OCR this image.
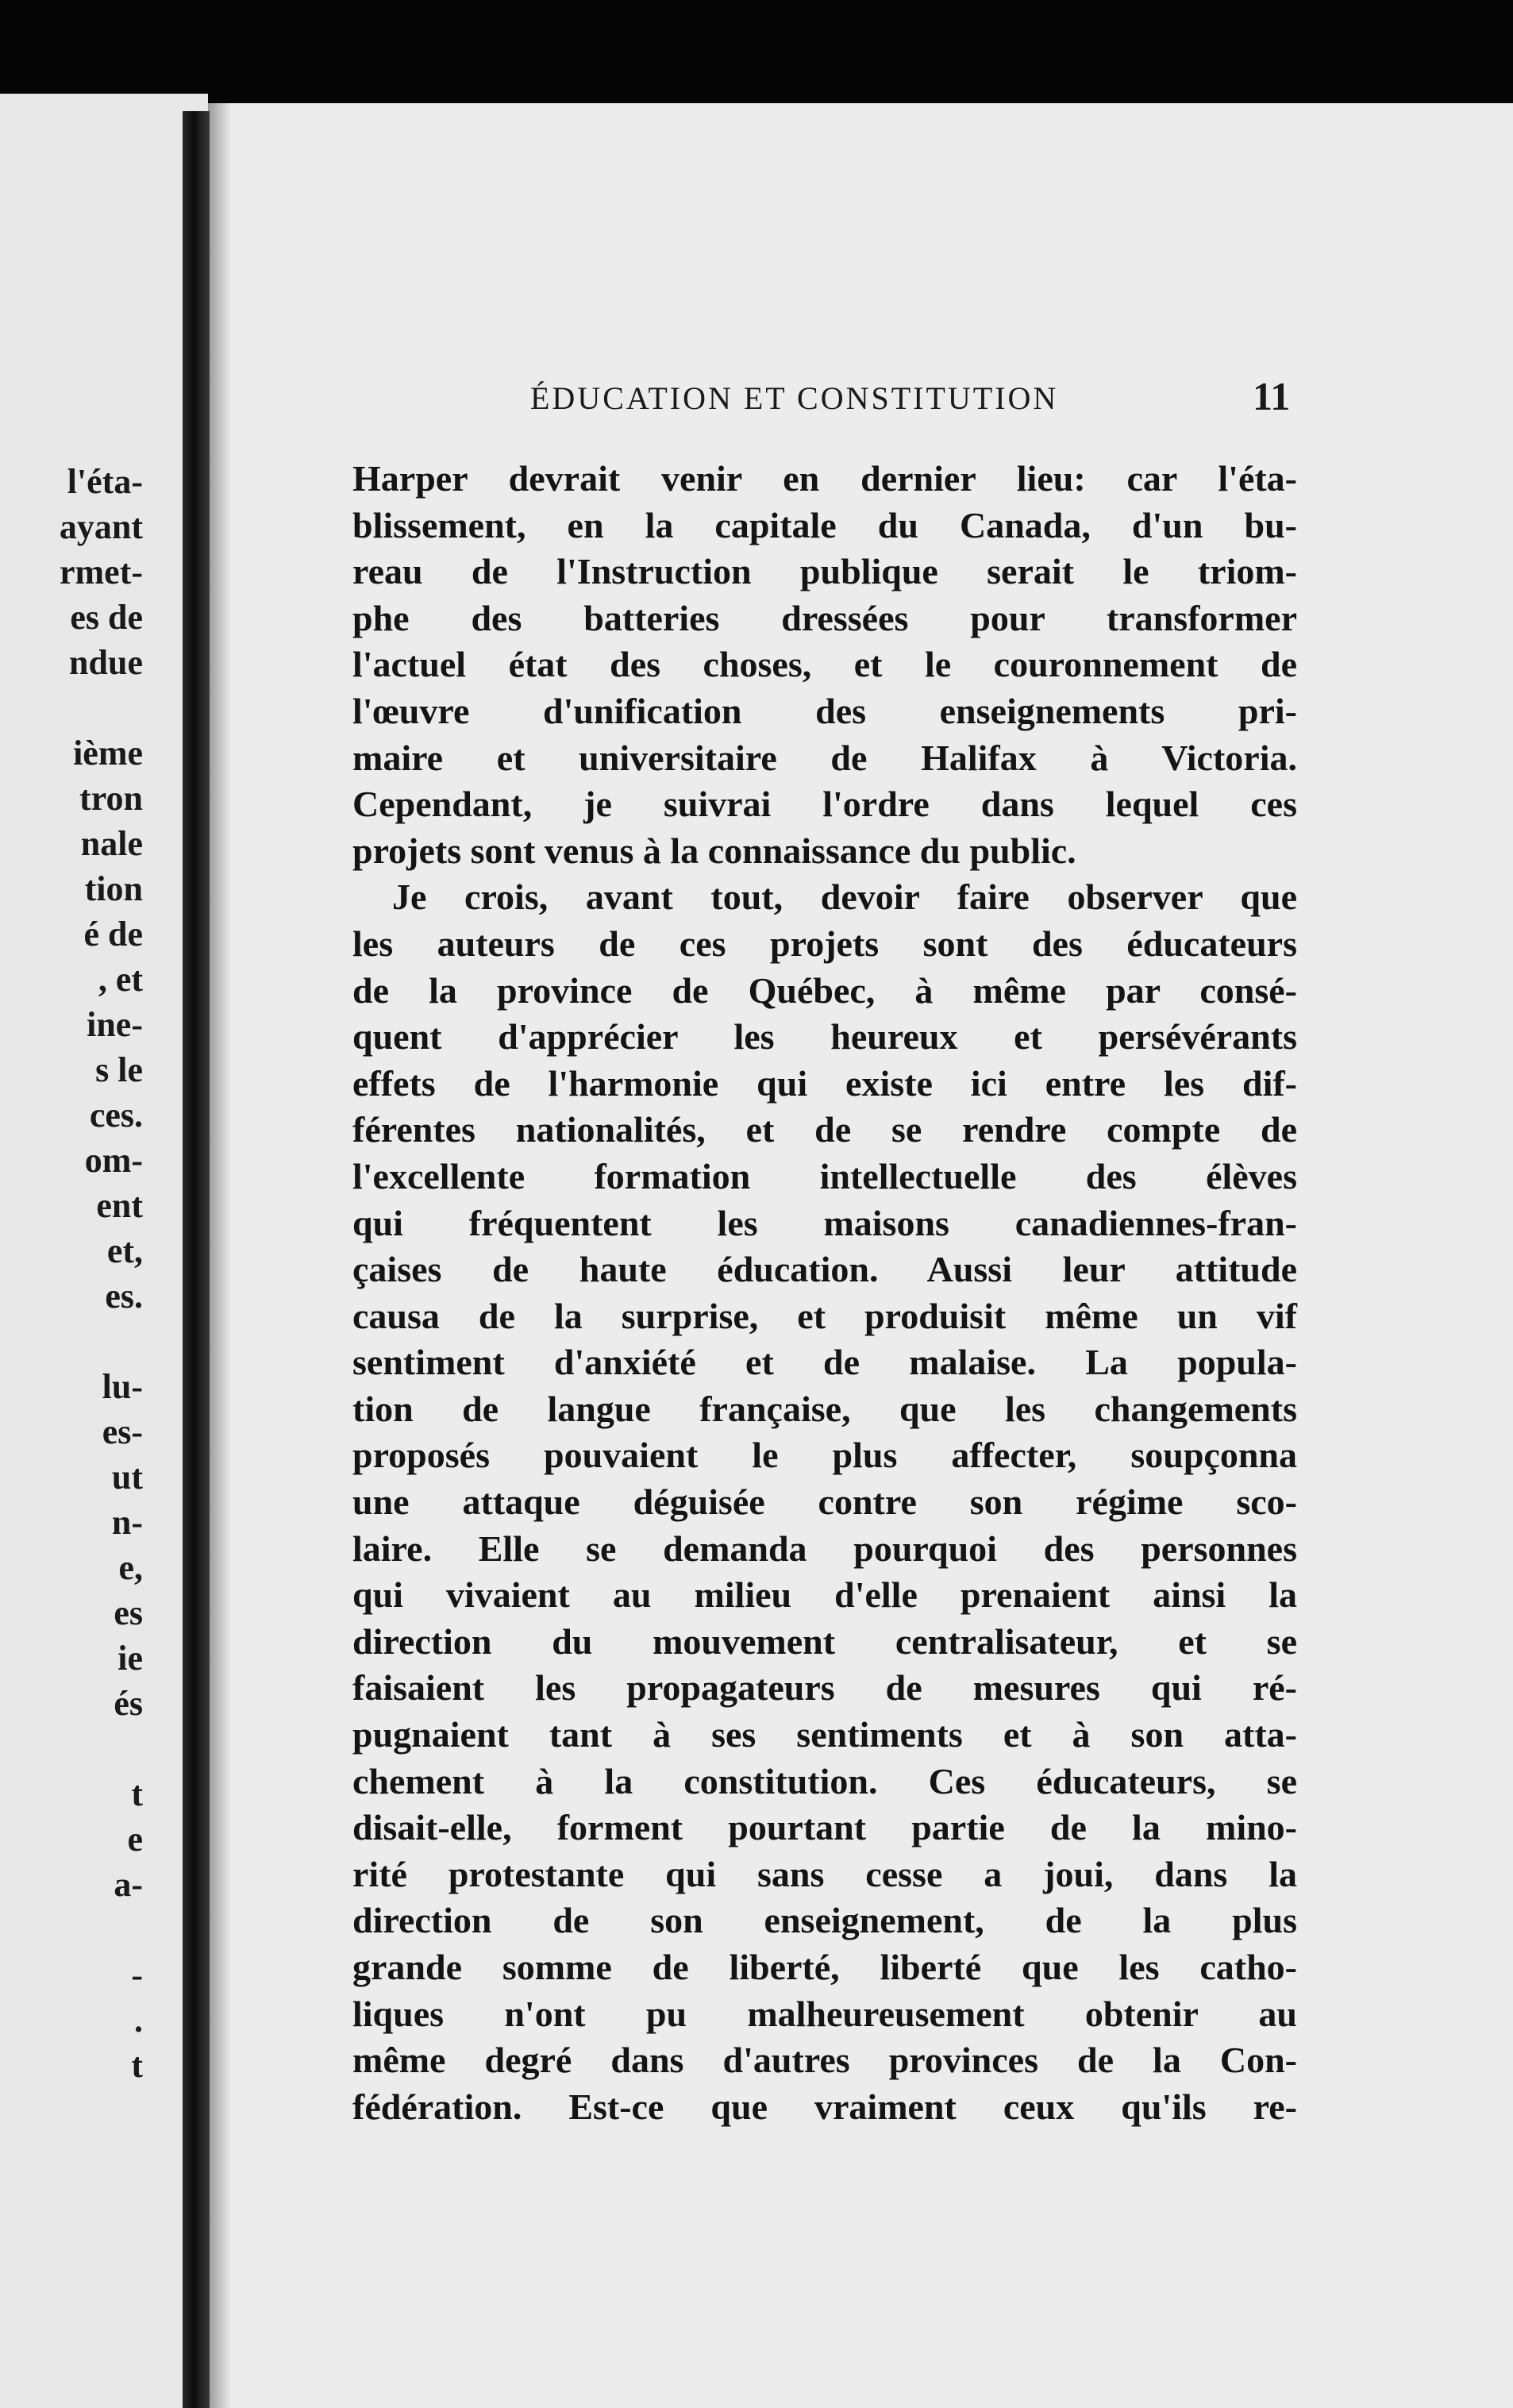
l'éta-
ayant
rmet-
es de
ndue
ième
tron
nale
tion
é de
, et
ine-
s le
ces.
om-
ent
et,
es.
lu-
es-
ut
n-
e,
es
ie
és
t
e
a-
-
.
t
ÉDUCATION ET CONSTITUTION	11
Harper devrait venir en dernier lieu: car l'éta-
blissement, en la capitale du Canada, d'un bu-
reau de l'Instruction publique serait le triom-
phe des batteries dressées pour transformer
l'actuel état des choses, et le couronnement de
l'œuvre d'unification des enseignements pri-
maire et universitaire de Halifax à Victoria.
Cependant, je suivrai l'ordre dans lequel ces
projets sont venus à la connaissance du public.
Je crois, avant tout, devoir faire observer que
les auteurs de ces projets sont des éducateurs
de la province de Québec, à même par consé-
quent d'apprécier les heureux et persévérants
effets de l'harmonie qui existe ici entre les dif-
férentes nationalités, et de se rendre compte de
l'excellente formation intellectuelle des élèves
qui fréquentent les maisons canadiennes-fran-
çaises de haute éducation. Aussi leur attitude
causa de la surprise, et produisit même un vif
sentiment d'anxiété et de malaise. La popula-
tion de langue française, que les changements
proposés pouvaient le plus affecter, soupçonna
une attaque déguisée contre son régime sco-
laire. Elle se demanda pourquoi des personnes
qui vivaient au milieu d'elle prenaient ainsi la
direction du mouvement centralisateur, et se
faisaient les propagateurs de mesures qui ré-
pugnaient tant à ses sentiments et à son atta-
chement à la constitution. Ces éducateurs, se
disait-elle, forment pourtant partie de la mino-
rité protestante qui sans cesse a joui, dans la
direction de son enseignement, de la plus
grande somme de liberté, liberté que les catho-
liques n'ont pu malheureusement obtenir au
même degré dans d'autres provinces de la Con-
fédération. Est-ce que vraiment ceux qu'ils re-
